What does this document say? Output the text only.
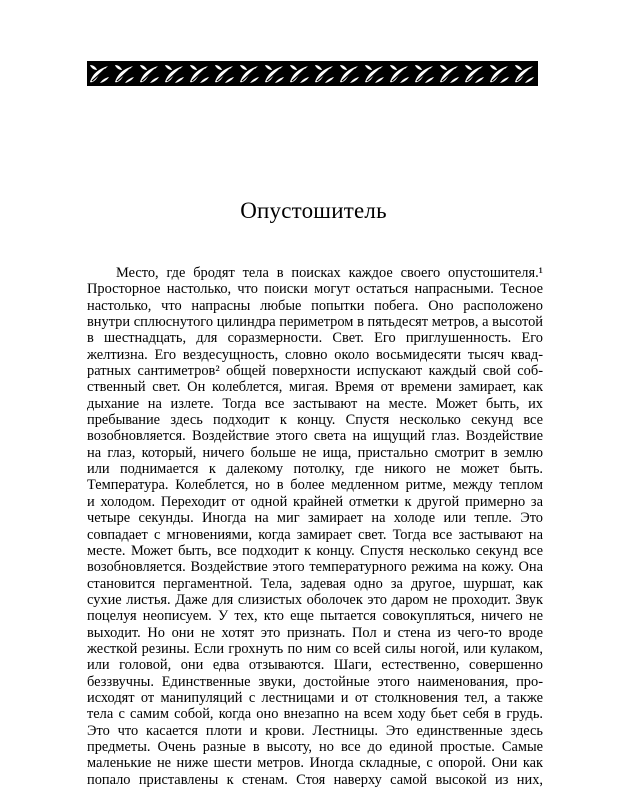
Опустошитель
Место, где бродят тела в поисках каждое своего опустошителя.¹
Просторное настолько, что поиски могут остаться напрасными. Тесное
настолько, что напрасны любые попытки побега. Оно расположено
внутри сплюснутого цилиндра периметром в пятьдесят метров, а высотой
в шестнадцать, для соразмерности. Свет. Его приглушенность. Его
желтизна. Его вездесущность, словно около восьмидесяти тысяч квад-
ратных сантиметров² общей поверхности испускают каждый свой соб-
ственный свет. Он колеблется, мигая. Время от времени замирает, как
дыхание на излете. Тогда все застывают на месте. Может быть, их
пребывание здесь подходит к концу. Спустя несколько секунд все
возобновляется. Воздействие этого света на ищущий глаз. Воздействие
на глаз, который, ничего больше не ища, пристально смотрит в землю
или поднимается к далекому потолку, где никого не может быть.
Температура. Колеблется, но в более медленном ритме, между теплом
и холодом. Переходит от одной крайней отметки к другой примерно за
четыре секунды. Иногда на миг замирает на холоде или тепле. Это
совпадает с мгновениями, когда замирает свет. Тогда все застывают на
месте. Может быть, все подходит к концу. Спустя несколько секунд все
возобновляется. Воздействие этого температурного режима на кожу. Она
становится пергаментной. Тела, задевая одно за другое, шуршат, как
сухие листья. Даже для слизистых оболочек это даром не проходит. Звук
поцелуя неописуем. У тех, кто еще пытается совокупляться, ничего не
выходит. Но они не хотят это признать. Пол и стена из чего-то вроде
жесткой резины. Если грохнуть по ним со всей силы ногой, или кулаком,
или головой, они едва отзываются. Шаги, естественно, совершенно
беззвучны. Единственные звуки, достойные этого наименования, про-
исходят от манипуляций с лестницами и от столкновения тел, а также
тела с самим собой, когда оно внезапно на всем ходу бьет себя в грудь.
Это что касается плоти и крови. Лестницы. Это единственные здесь
предметы. Очень разные в высоту, но все до единой простые. Самые
маленькие не ниже шести метров. Иногда складные, с опорой. Они как
попало приставлены к стенам. Стоя наверху самой высокой из них,
